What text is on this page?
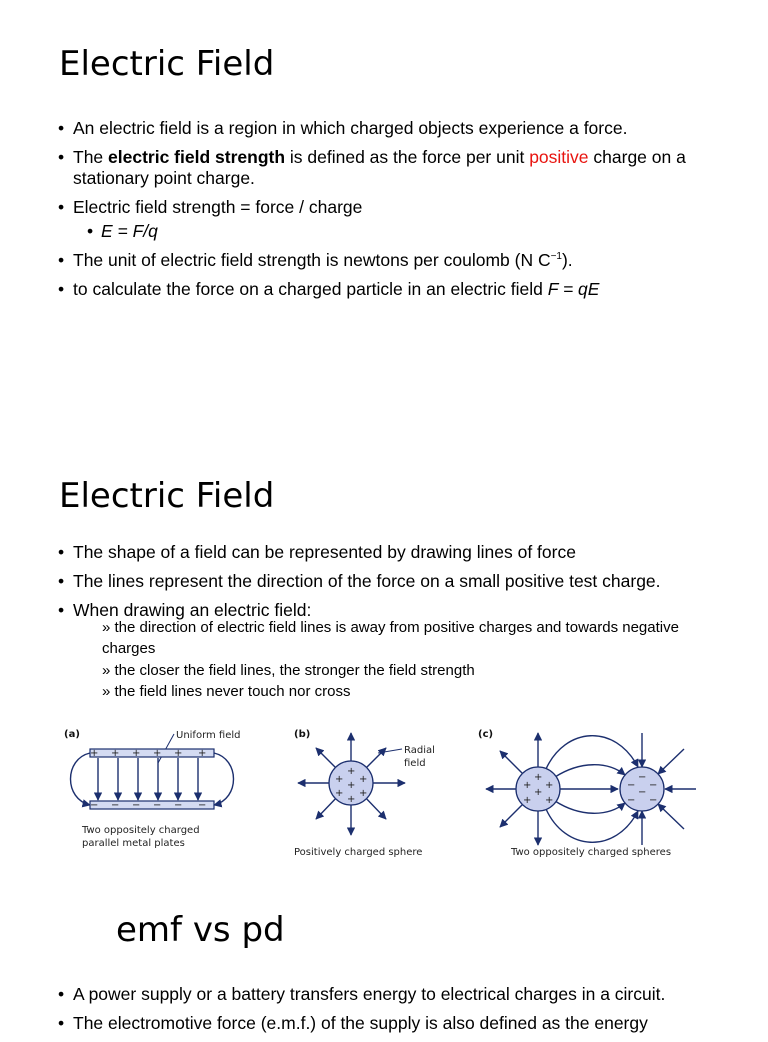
Electric Field
• An electric field is a region in which charged objects experience a force.
• The electric field strength is defined as the force per unit positive charge on a stationary point charge.
• Electric field strength = force / charge
• E = F/q
• The unit of electric field strength is newtons per coulomb (N $C^{-1}$).
• to calculate the force on a charged particle in an electric field F = qE
Electric Field
• The shape of a field can be represented by drawing lines of force
• The lines represent the direction of the force on a small positive test charge.
• When drawing an electric field:
» the direction of electric field lines is away from positive charges and towards negative charges
» the closer the field lines, the stronger the field strength
» the field lines never touch nor cross
(a)	Uniform field
+ + + + + +
− − − − − −
Two oppositely charged
parallel metal plates
(b)
+
+ +
+
+ +
+
Radial
field
Positively charged sphere
(c)
+
+ +
+
+ +
−
− −
−
− −
Two oppositely charged spheres
emf vs pd
• A power supply or a battery transfers energy to electrical charges in a circuit.
• The electromotive force (e.m.f.) of the supply is also defined as the energy
